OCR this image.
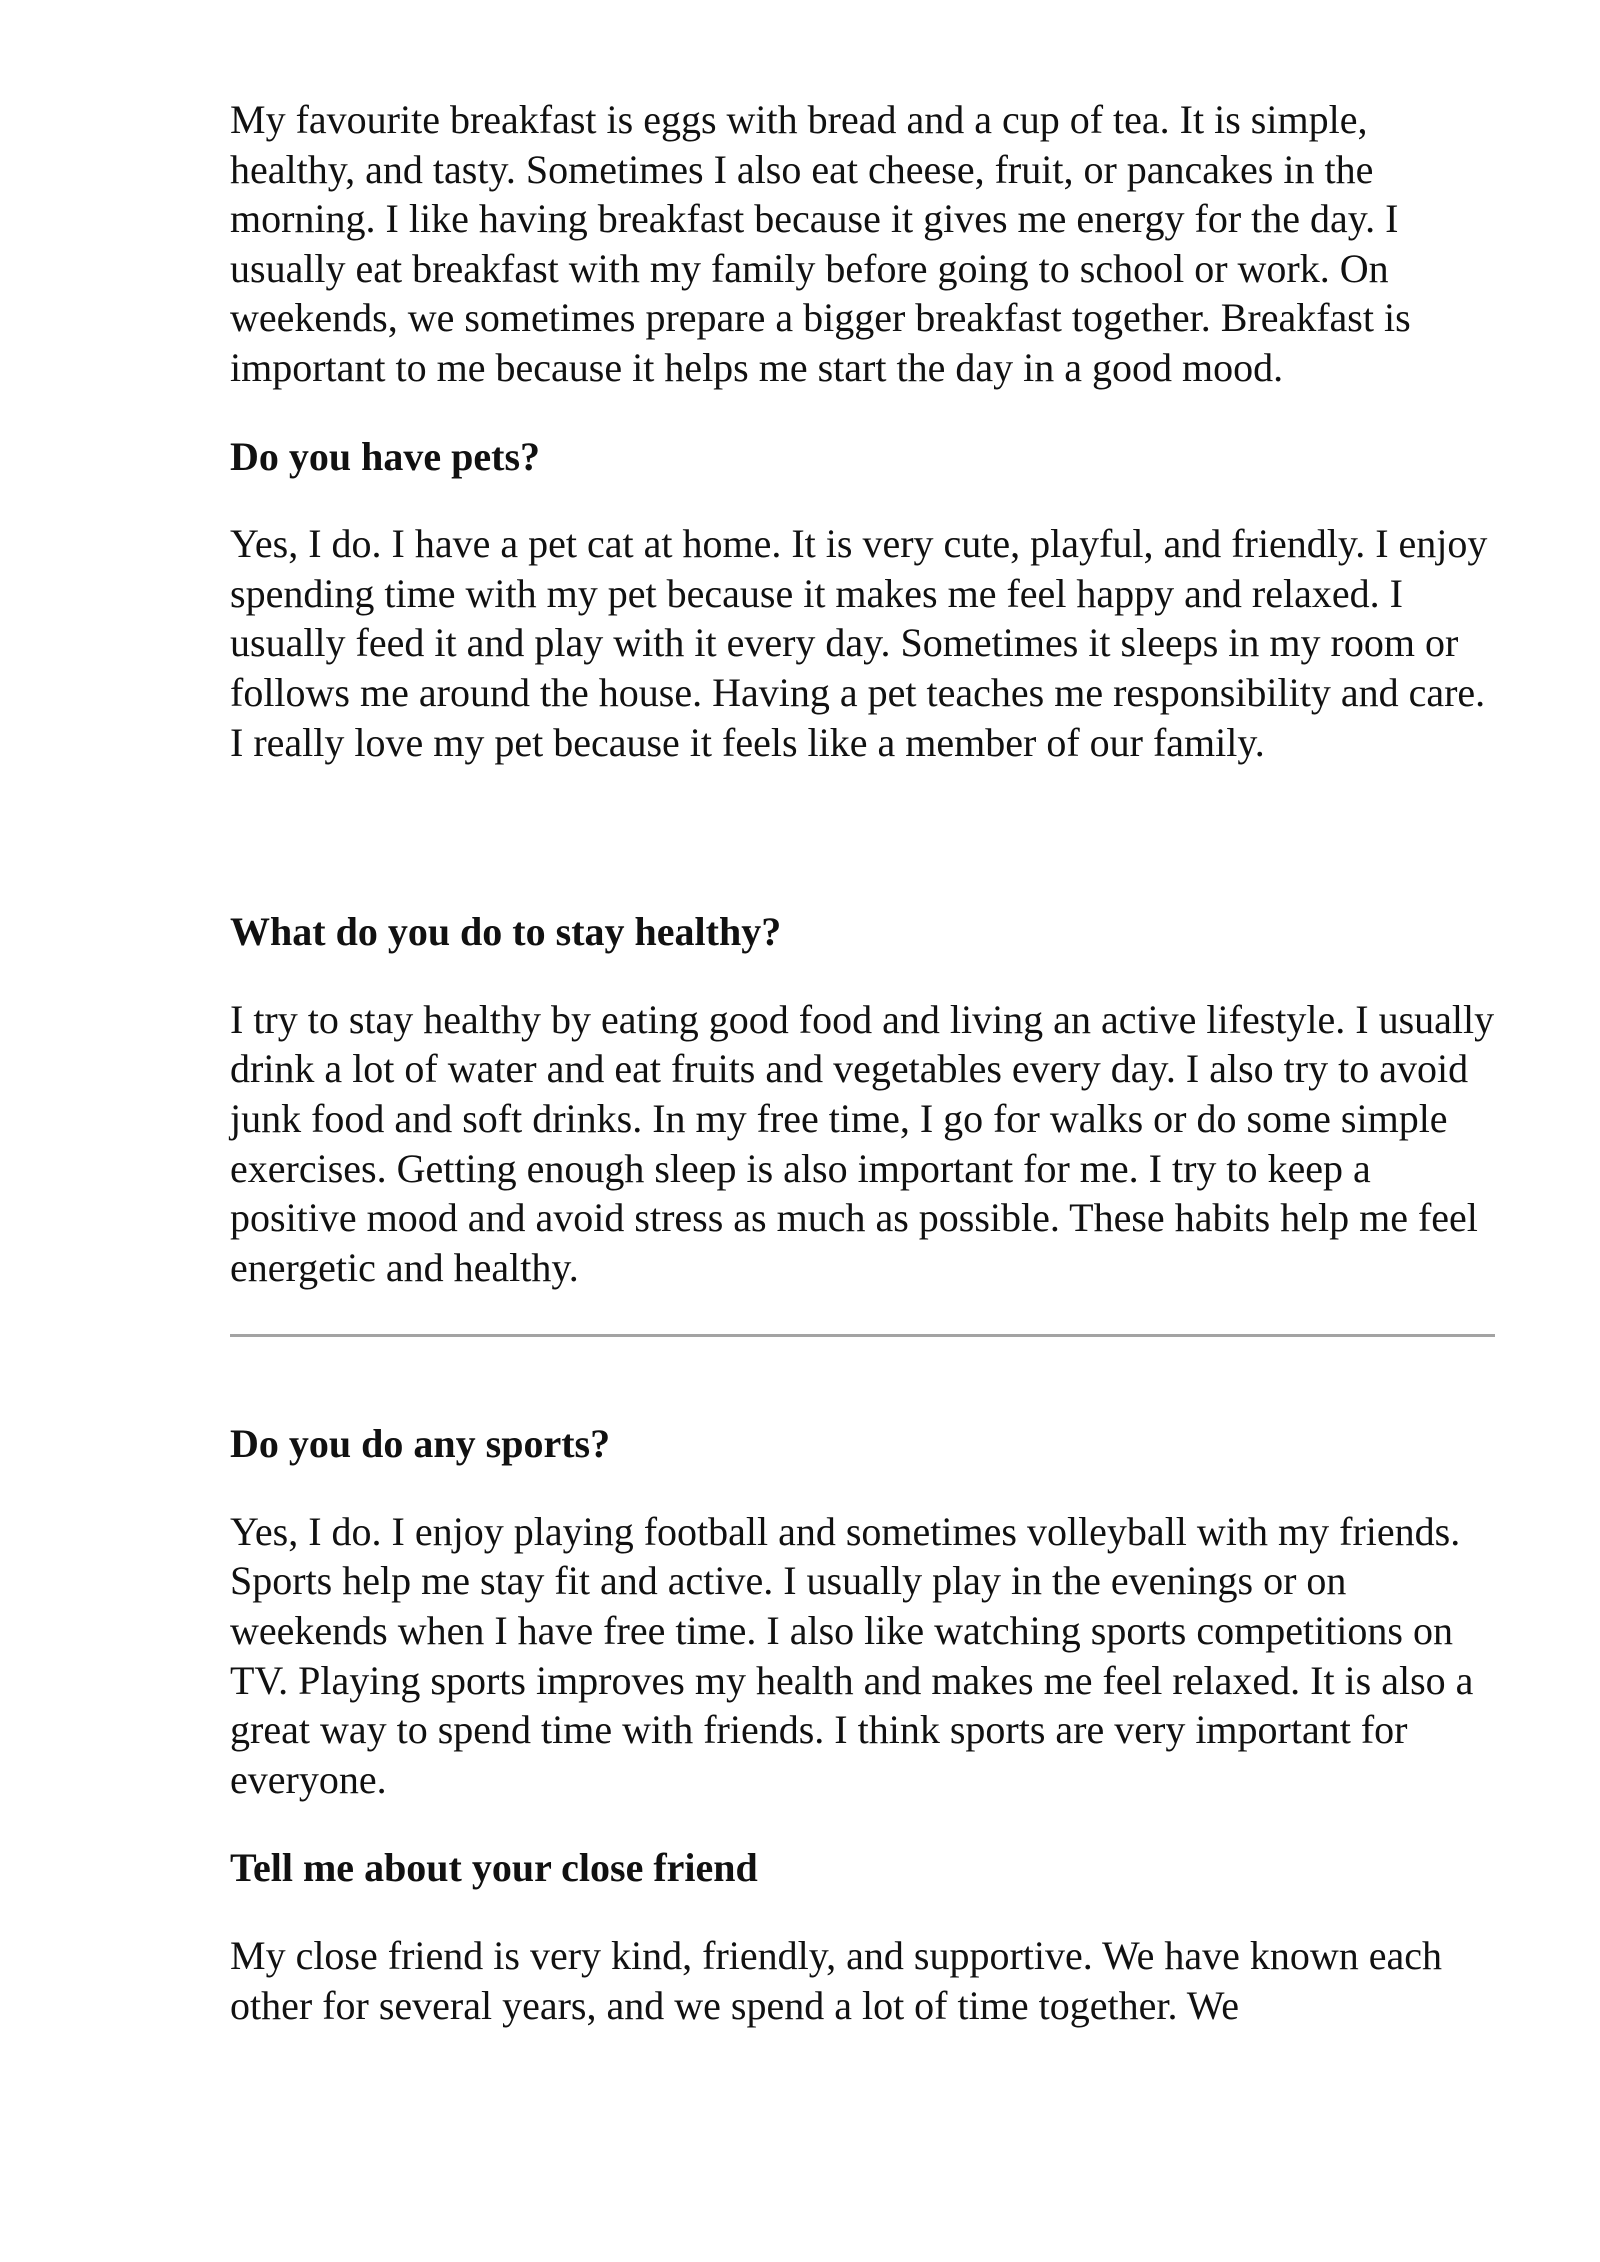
My favourite breakfast is eggs with bread and a cup of tea. It is simple, healthy, and tasty. Sometimes I also eat cheese, fruit, or pancakes in the morning. I like having breakfast because it gives me energy for the day. I usually eat breakfast with my family before going to school or work. On weekends, we sometimes prepare a bigger breakfast together. Breakfast is important to me because it helps me start the day in a good mood.

Do you have pets?

Yes, I do. I have a pet cat at home. It is very cute, playful, and friendly. I enjoy spending time with my pet because it makes me feel happy and relaxed. I usually feed it and play with it every day. Sometimes it sleeps in my room or follows me around the house. Having a pet teaches me responsibility and care. I really love my pet because it feels like a member of our family.

What do you do to stay healthy?

I try to stay healthy by eating good food and living an active lifestyle. I usually drink a lot of water and eat fruits and vegetables every day. I also try to avoid junk food and soft drinks. In my free time, I go for walks or do some simple exercises. Getting enough sleep is also important for me. I try to keep a positive mood and avoid stress as much as possible. These habits help me feel energetic and healthy.

Do you do any sports?

Yes, I do. I enjoy playing football and sometimes volleyball with my friends. Sports help me stay fit and active. I usually play in the evenings or on weekends when I have free time. I also like watching sports competitions on TV. Playing sports improves my health and makes me feel relaxed. It is also a great way to spend time with friends. I think sports are very important for everyone.

Tell me about your close friend

My close friend is very kind, friendly, and supportive. We have known each other for several years, and we spend a lot of time together. We
